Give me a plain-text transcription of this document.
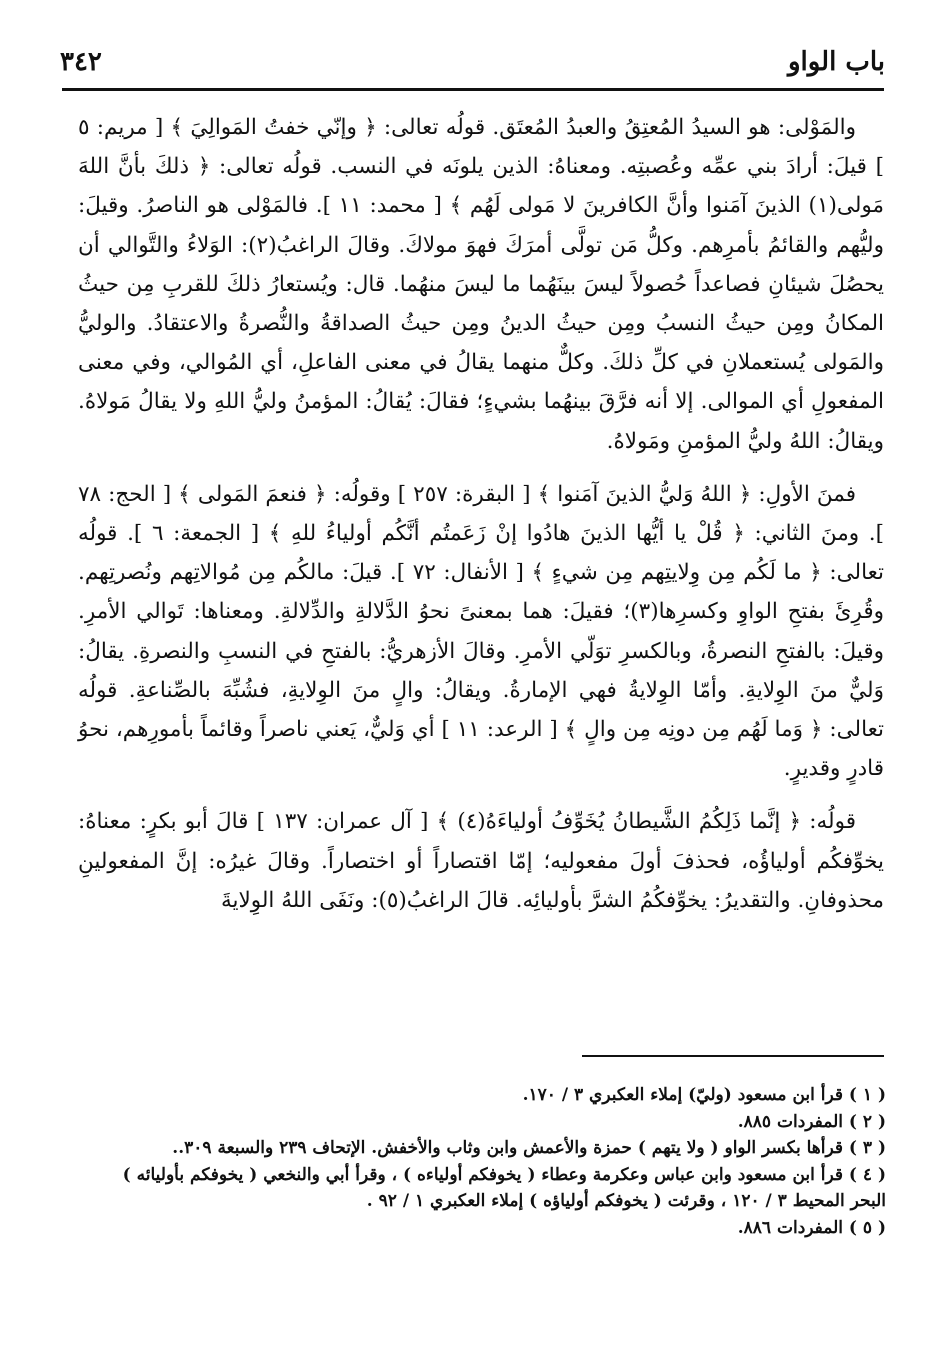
باب الواو
٣٤٢

والمَوْلى: هو السيدُ المُعتِقُ والعبدُ المُعتَق. قولُه تعالى: ﴿ وإنّي خفتُ المَوالِيَ ﴾ [ مريم: ٥ ] قيلَ: أرادَ بني عمِّه وعُصبتِه. ومعناهُ: الذين يلونَه في النسب. قولُه تعالى: ﴿ ذلكَ بأنَّ اللهَ مَولى(١) الذينَ آمَنوا وأنَّ الكافرينَ لا مَولى لَهُم ﴾ [ محمد: ١١ ]. فالمَوْلى هو الناصرُ. وقيلَ: وليُّهم والقائمُ بأمرِهم. وكلُّ مَن تولَّى أمرَكَ فهوَ مولاكَ. وقالَ الراغبُ(٢): الوَلاءُ والتَّوالي أن يحصُلَ شيئانِ فصاعداً حُصولاً ليسَ بينَهُما ما ليسَ منهُما. قال: ويُستعارُ ذلكَ للقربِ مِن حيثُ المكانُ ومِن حيثُ النسبُ ومِن حيثُ الدينُ ومِن حيثُ الصداقةُ والنُّصرةُ والاعتقادُ. والوليُّ والمَولى يُستعملانِ في كلِّ ذلكَ. وكلٌّ منهما يقالُ في معنى الفاعلِ، أي المُوالي، وفي معنى المفعولِ أي الموالى. إلا أنه فرَّقَ بينهُما بشيءٍ؛ فقالَ: يُقالُ: المؤمنُ وليُّ اللهِ ولا يقالُ مَولاهُ. ويقالُ: اللهُ وليُّ المؤمنِ ومَولاهُ.

فمنَ الأولِ: ﴿ اللهُ وَليُّ الذينَ آمَنوا ﴾ [ البقرة: ٢٥٧ ] وقولُه: ﴿ فنعمَ المَولى ﴾ [ الحج: ٧٨ ]. ومنَ الثاني: ﴿ قُلْ يا أيُّها الذينَ هادُوا إنْ زَعَمتُم أنَّكُم أولياءُ للهِ ﴾ [ الجمعة: ٦ ]. قولُه تعالى: ﴿ ما لَكُم مِن وِلايتِهم مِن شيءٍ ﴾ [ الأنفال: ٧٢ ]. قيلَ: مالكُم مِن مُوالاتِهم ونُصرتِهم. وقُرِئَ بفتحِ الواوِ وكسرِها(٣)؛ فقيلَ: هما بمعنىً نحوُ الدَّلالةِ والدِّلالةِ. ومعناها: تَوالي الأمرِ. وقيلَ: بالفتحِ النصرةُ، وبالكسرِ توَلّي الأمرِ. وقالَ الأزهريُّ: بالفتحِ في النسبِ والنصرةِ. يقالُ: وَليٌّ منَ الوِلايةِ. وأمّا الوِلايةُ فهي الإمارةُ. ويقالُ: والٍ منَ الوِلايةِ، فشُبِّهَ بالصِّناعةِ. قولُه تعالى: ﴿ وَما لَهُم مِن دونِه مِن والٍ ﴾ [ الرعد: ١١ ] أي وَليٌّ، يَعني ناصراً وقائماً بأمورِهم، نحوُ قادرٍ وقديرٍ.

قولُه: ﴿ إنَّما ذَلِكُمُ الشَّيطانُ يُخَوِّفُ أولياءَهُ(٤) ﴾ [ آل عمران: ١٣٧ ] قالَ أبو بكرٍ: معناهُ: يخوِّفكُم أولياؤُه، فحذفَ أولَ مفعوليه؛ إمّا اقتصاراً أو اختصاراً. وقالَ غيرُه: إنَّ المفعولينِ محذوفانِ. والتقديرُ: يخوِّفكُمُ الشرَّ بأوليائِه. قالَ الراغبُ(٥): ونَفَى اللهُ الوِلايةَ

( ١ ) قرأ ابن مسعود (وليّ) إملاء العكبري ٣ / ١٧٠.

( ٢ ) المفردات ٨٨٥.

( ٣ ) قرأها بكسر الواو ( ولا يتهم ) حمزة والأعمش وابن وثاب والأخفش. الإتحاف ٢٣٩ والسبعة ٣٠٩..

( ٤ ) قرأ ابن مسعود وابن عباس وعكرمة وعطاء ( يخوفكم أولياءه ) ، وقرأ أبي والنخعي ( يخوفكم بأوليائه ) البحر المحيط ٣ / ١٢٠ ، وقرئت ( يخوفكم أولياؤه ) إملاء العكبري ١ / ٩٢ .

( ٥ ) المفردات ٨٨٦.
